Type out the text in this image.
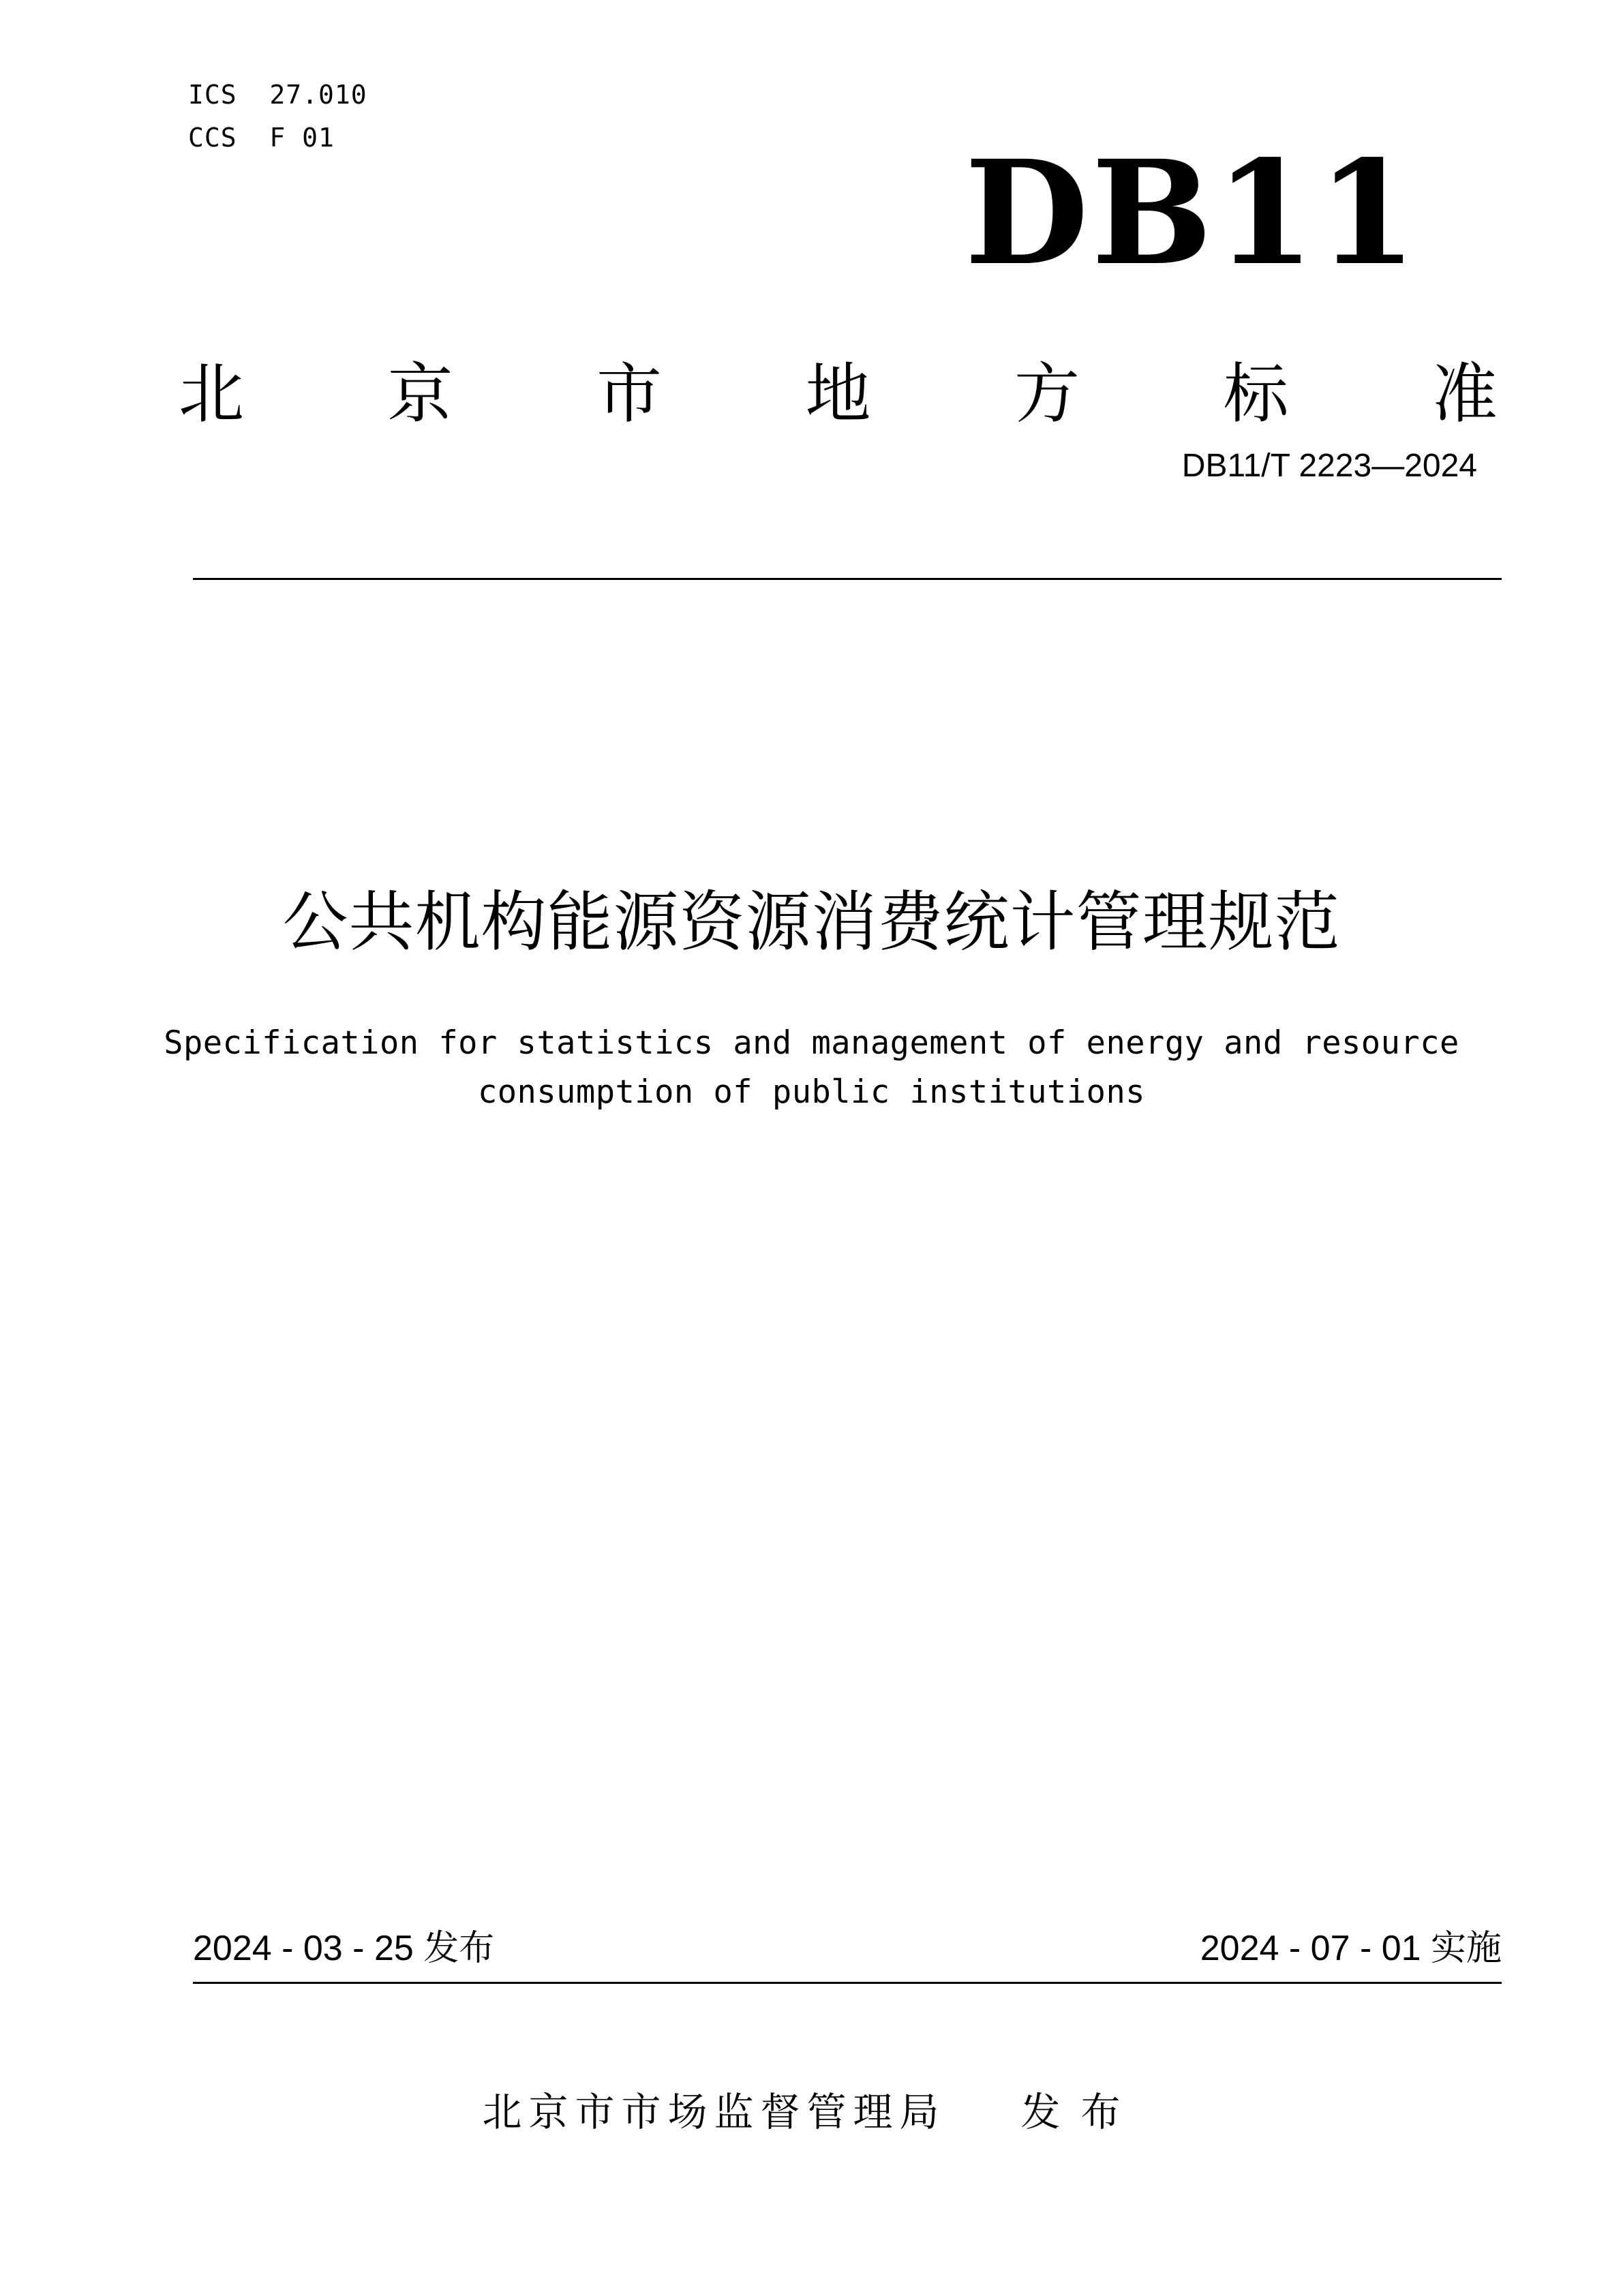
ICS  27.010
CCS  F 01	DB11
北 京 市 地 方 标 准
DB11/T 2223—2024
公共机构能源资源消费统计管理规范
Specification for statistics and management of energy and resource
consumption of public institutions
2024 - 03 - 25 发布	2024 - 07 - 01 实施
北京市市场监督管理局 发布
